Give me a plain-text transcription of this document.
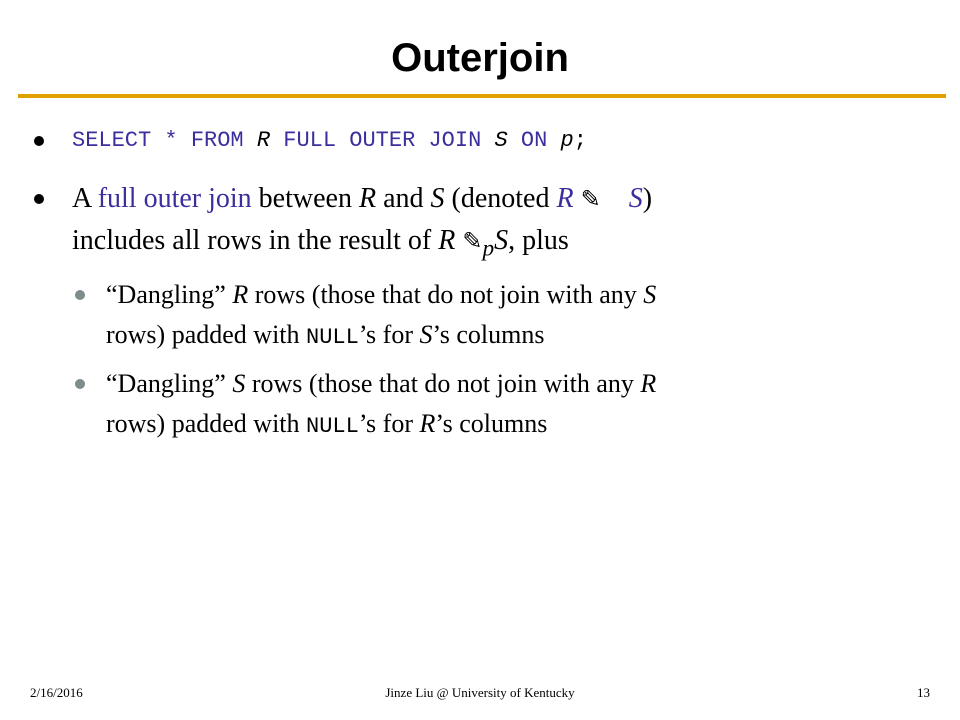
Outerjoin
SELECT * FROM R FULL OUTER JOIN S ON p;
A full outer join between R and S (denoted R ✎ S)
includes all rows in the result of R $✎_pS$, plus
“Dangling” R rows (those that do not join with any S
rows) padded with NULL’s for S’s columns
“Dangling” S rows (those that do not join with any R
rows) padded with NULL’s for R’s columns
2/16/2016	Jinze Liu @ University of Kentucky	13
